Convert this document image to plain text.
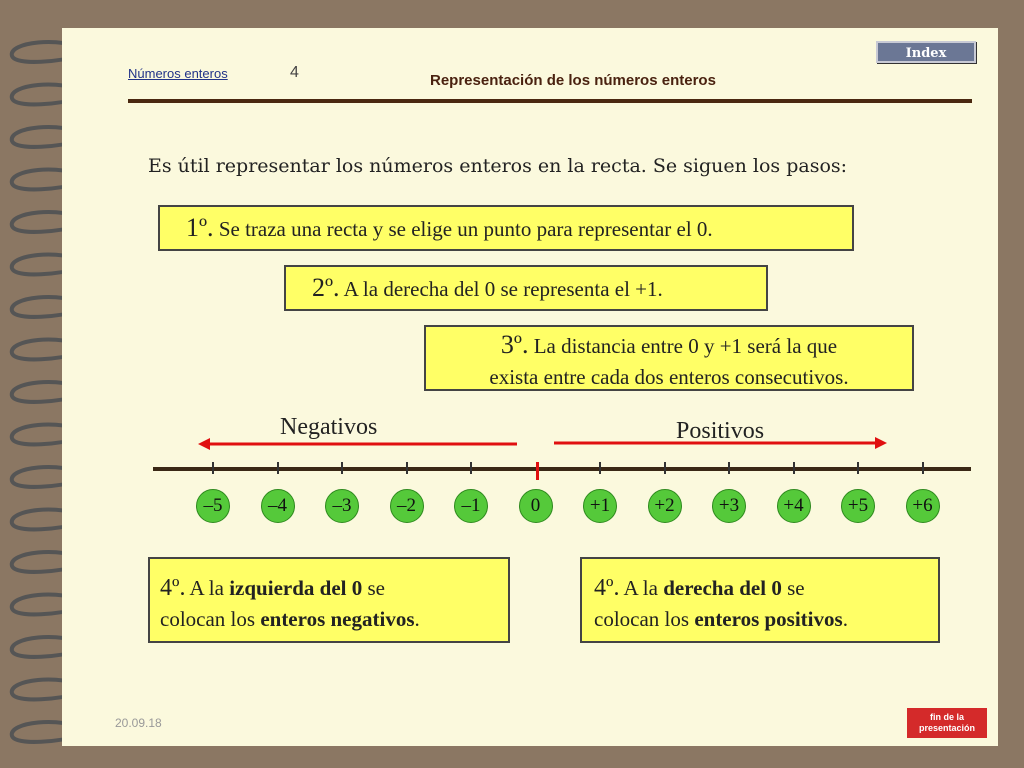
Números enteros	4	Representación de los números enteros
Index
Es útil representar los números enteros en la recta. Se siguen los pasos:
1º. Se traza una recta y se elige un punto para representar el 0.
2º. A la derecha del 0 se representa el +1.
3º. La distancia entre 0 y +1 será la que
exista entre cada dos enteros consecutivos.
Negativos	Positivos
–5	–4	–3	–2	–1	0	+1	+2	+3	+4	+5	+6
4º. A la izquierda del 0 se
colocan los enteros negativos.
4º. A la derecha del 0 se
colocan los enteros positivos.
20.09.18	fin de la
presentación
